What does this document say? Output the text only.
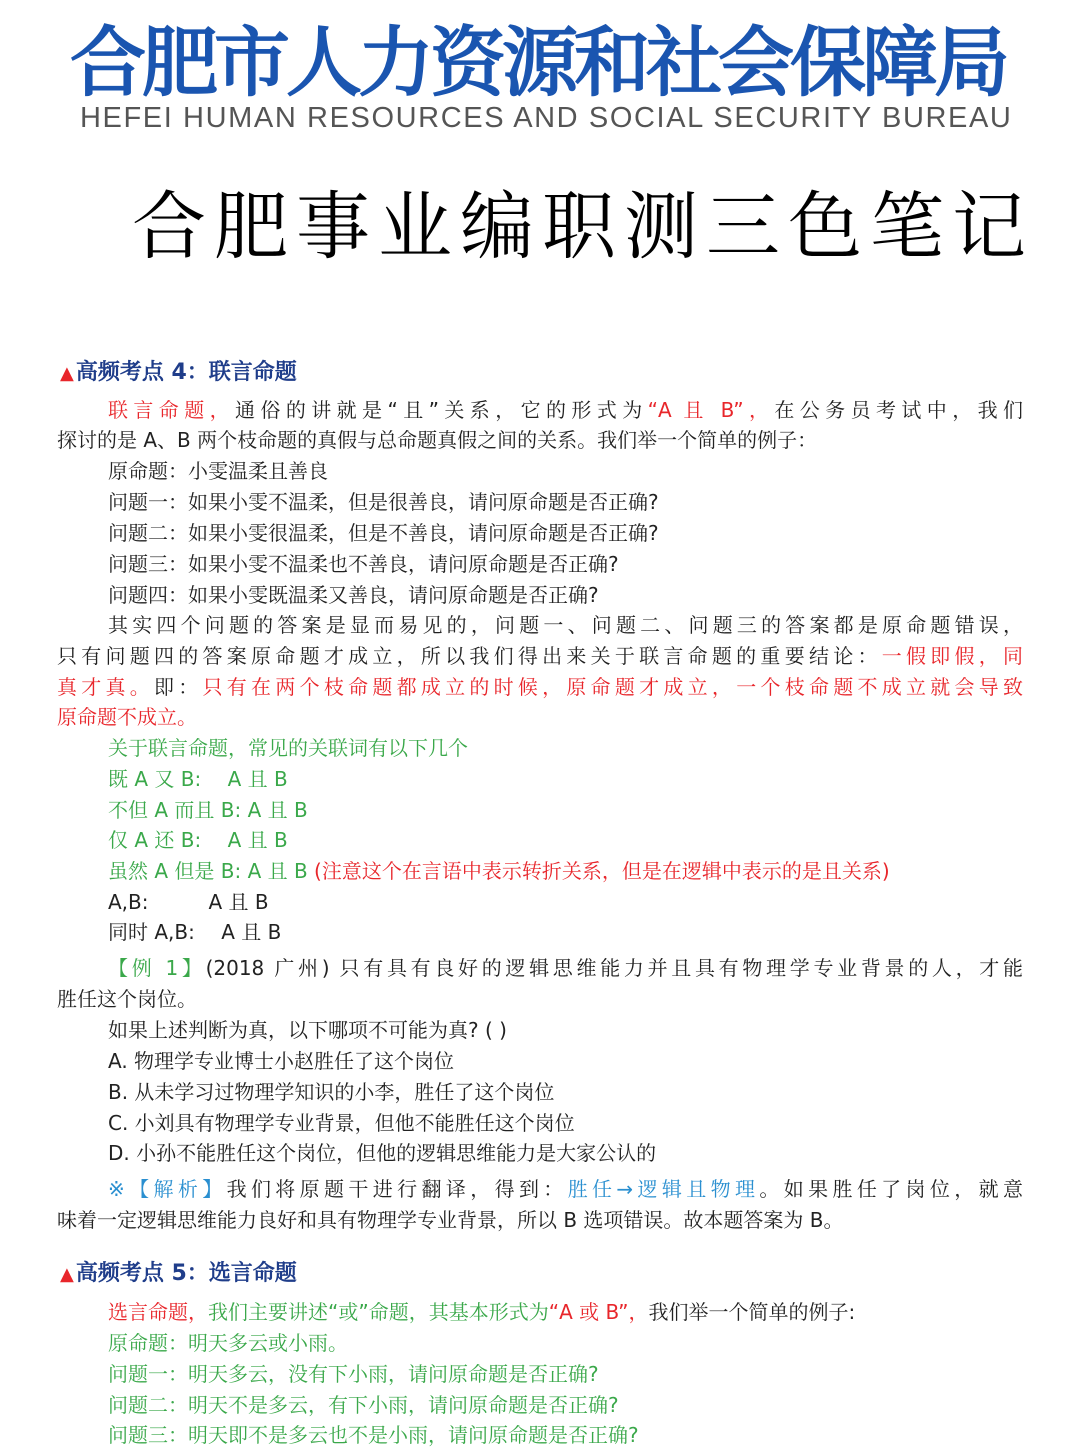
合肥市人力资源和社会保障局
HEFEI HUMAN RESOURCES AND SOCIAL SECURITY BUREAU
合肥事业编职测三色笔记
▲高频考点 4：联言命题
▲高频考点 5：选言命题
联言命题，通俗的讲就是“且”关系，它的形式为“A 且 B”，在公务员考试中，我们
探讨的是 A、B 两个枝命题的真假与总命题真假之间的关系。我们举一个简单的例子：
原命题：小雯温柔且善良
问题一：如果小雯不温柔，但是很善良，请问原命题是否正确?
问题二：如果小雯很温柔，但是不善良，请问原命题是否正确?
问题三：如果小雯不温柔也不善良，请问原命题是否正确?
问题四：如果小雯既温柔又善良，请问原命题是否正确?
其实四个问题的答案是显而易见的，问题一、问题二、问题三的答案都是原命题错误，
只有问题四的答案原命题才成立，所以我们得出来关于联言命题的重要结论：一假即假，同
真才真。即：只有在两个枝命题都成立的时候，原命题才成立，一个枝命题不成立就会导致
原命题不成立。
关于联言命题，常见的关联词有以下几个
既 A 又 B:　 A 且 B
不但 A 而且 B: A 且 B
仅 A 还 B:　 A 且 B
虽然 A 但是 B: A 且 B (注意这个在言语中表示转折关系，但是在逻辑中表示的是且关系)
A,B:　　　A 且 B
同时 A,B:　 A 且 B
【例 1】(2018 广州) 只有具有良好的逻辑思维能力并且具有物理学专业背景的人，才能
胜任这个岗位。
如果上述判断为真，以下哪项不可能为真? ( )
A. 物理学专业博士小赵胜任了这个岗位
B. 从未学习过物理学知识的小李，胜任了这个岗位
C. 小刘具有物理学专业背景，但他不能胜任这个岗位
D. 小孙不能胜任这个岗位，但他的逻辑思维能力是大家公认的
※【解析】我们将原题干进行翻译，得到：胜任→逻辑且物理。如果胜任了岗位，就意
味着一定逻辑思维能力良好和具有物理学专业背景，所以 B 选项错误。故本题答案为 B。
选言命题，我们主要讲述“或”命题，其基本形式为“A 或 B”，我们举一个简单的例子:
原命题：明天多云或小雨。
问题一：明天多云，没有下小雨，请问原命题是否正确?
问题二：明天不是多云，有下小雨，请问原命题是否正确?
问题三：明天即不是多云也不是小雨，请问原命题是否正确?
